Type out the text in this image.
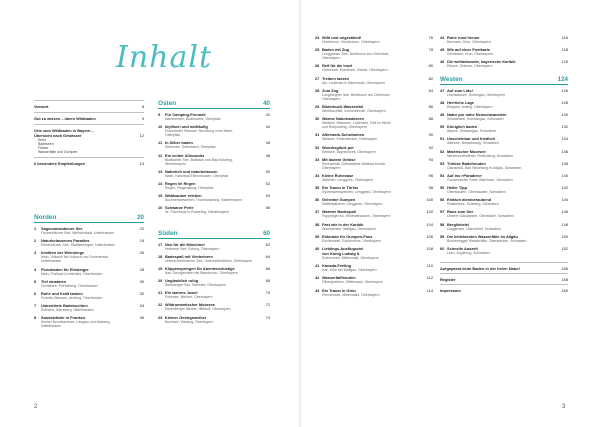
Inhalt
Vorwort	8
Gut zu wissen – übers Wildbaden	9
Orte zum Wildbaden in Bayern –
Übersicht nach Gewässer	12
Seen
Badeseen
Flüsse
Wasserfälle und Gumpen
6 besondere Empfehlungen	14
Norden	20
1 Sagenumwobener See	22
Frickenhäuser See, Mellrichstadt, Unterfranken
2 Naturbelassenes Paradies	24
Ellertshäuser See, Stadtlauringen, Unterfranken
3 Inmitten der Weinberge	26
Main, Volkach bei Volkach und Sommerach,
Unterfranken
4 Flussbaden für Einsteiger	28
Main, Floßbad Lichtenfels, Oberfranken
5 Tief einatmen	30
Fichtelsee, Fichtelberg, Oberfranken
6 Ruhe und Kraft tanken	32
Feisnitz-Stausee, Arzberg, Oberfranken
7 Unberührte Badebuchten	34
Rothsee, Allersberg, Mittelfranken
8 Sandstrände in Franken	36
Kleiner Brombachsee, Langlau und Absberg,
Mittelfranken
Osten	40
9 Für Camping-Freunde	42
Nammersee, Bodenwöhr, Oberpfalz
10 Idyllisch und weitläufig	44
Eixendorfer Stausee, Neunburg vorm Wald,
Oberpfalz
11 In Silber baden	46
Silbersee, Tiefenbach, Oberpfalz
12 Ein echter Allrounder	48
Blaibacher See, Blaibach und Bad Kötzting,
Niederbayern
13 Natürlich und naturbelassen	50
Naab, Naturbad Etterzhausen, Oberpfalz
14 Regen im Regen	52
Regen, Regensburg, Oberpfalz
15 Waldzauber erleben	54
Buchnerseeweiher, Thurmansbang, Niederbayern
16 Schwarze Perle	56
Ilz, Fischhaus in Ruderting, Niederbayern
Süden	60
17 Neu für die Münchner	62
Hollerner See, Eching, Oberbayern
18 Badespaß mit Vierbeinern	64
Unterschleißheimer See, Unterschleißheim, Oberbayern
19 Klippenspringen für Abenteuerlustige	66
Isar, Georgenstein bei Baierbrunn, Oberbayern
20 Unglaublich ruhig	68
Steinberger See, Bernried, Oberbayern
21 Ein wahres Juwel	70
Fohnsee, Iffeldorf, Oberbayern
22 Wildromantischer Moorsee	72
Eitzenberger Weiher, Iffeldorf, Oberbayern
23 Kleiner Gebirgsweiher	74
Buchsee, Wiesing, Oberbayern
24 Wild und ungezähmt!	76
Hochkrone, Holzkirchen, Oberbayern
25 Baden mit Zug	78
Lenggrieser See, Breitbrunn am Chiemsee,
Oberbayern
26 Reif für die Insel	80
Chiemsee, Kraxlinsel, Gstadt, Oberbayern
27 Treiben lassen	82
Alz, Laufenau in Altenmarkt, Oberbayern
28 Zum Zug	84
Langbürgner See, Breitbrunn am Chiemsee,
Oberbayern
29 Bilderbuch-Wasserfall	86
Weißbachfall, Schneizlreuth, Oberbayern
30 Warme Naturbadeseen	88
Weitsee, Mittersee, Lödensee, Reit im Winkl
und Ruhpolding, Oberbayern
31 Afterwork-Schwimmen	90
Weitsee, Kiefersfelden, Oberbayern
32 Wunderglück pur	92
Seinsee, Bayrischzell, Oberbayern
33 Mit lautem Getöse	94
Rohrachfall, Ohlstadt/bei Wildbad Kreuth,
Oberbayern
34 Kleine Ruheoase	96
Walchen, Lenggries, Oberbayern
35 Ein Traum in Türkis	98
Sylvensteinspeicher, Lenggries, Oberbayern
36 Geheime Gumpen	100
Staffelspitzens, Lenggries, Oberbayern
37 Warmer Badespaß	102
Pupplinger Au, Wolfratshausen, Oberbayern
38 Fast wie in der Karibik	104
Walchensee, Wallgau, Oberbayern
39 Eldorado für Gumpen-Fans	106
Eschentaler, Eschenlohe, Oberbayern
40 Lieblings-Ausflugsziel	108
von König Ludwig II.
Soiernseen, Mittenwald, Oberbayern
41 Kanada-Feeling	110
Isar, Krün bei Wallgau, Oberbayern
42 Wasserfallfreuden	112
Ölbergmühlen, Mittenwald, Oberbayern
43 Ein Traum in Grün	114
Ferchensee, Mittenwald, Oberbayern
44 Ruhe rund herum	116
Barmsee, Krün, Oberbayern
45 Wie auf einer Postkarte	118
Geroldsee, Krün, Oberbayern
46 Die weltbekannte, bayerische Karibik	120
Eibsee, Grainau, Oberbayern
Westen	124
47 Auf zum Lido!	126
Lechstausee, Schongau, Oberbayern
48 Herrliche Lage	128
Riegsee, Aidling, Oberbayern
49 Natur pur nahe Neuschwanstein	130
Schwansee, Schwangau, Schwaben
50 Königlich baden	132
Alpsee, Schwangau, Schwaben
51 Unscheinbar und friedlich	134
Attlesee, Nesselwang, Schwaben
52 Malerischer Moorsee	136
Niedersonthofener, Rettenberg, Schwaben
53 Türkise Badefreuden	138
Ostrachtal, Bad Hindelang im Allgäu, Schwaben
54 Auf ins »Paradies«	140
Gunzesrieder Tobel, Blaichach, Schwaben
55 Heller Tipp	142
Oberstaufen, Oberstaufen, Schwaben
56 Einfach atemberaubend	144
Rottachsee, Sulzberg, Schwaben
57 Raus zum See	146
Unterer Gaisalpsee, Oberstdorf, Schwaben
58 Bergliebelei	148
Guggersee, Oberstdorf, Schwaben
59 Die beliebtesten Wasserfälle im Allgäu	150
Buchenegger Wasserfälle, Oberstaufen, Schwaben
60 Schnelle Auszeit	152
Lech, Augsburg, Schwaben
Aufgepasst beim Baden in der freien Natur!	156
Register	158
Impressum	160
2	3
